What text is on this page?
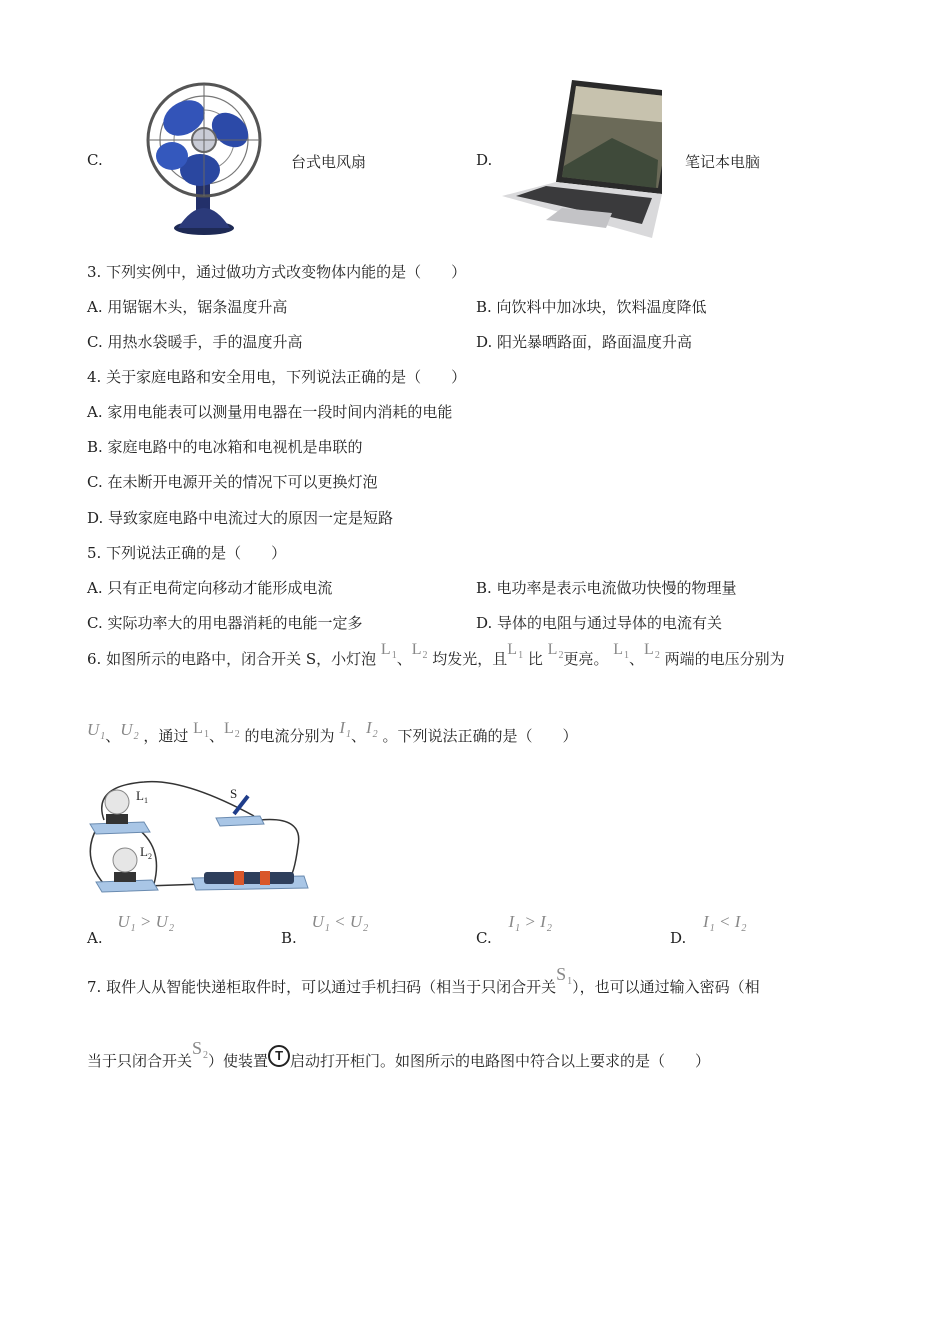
C.	台式电风扇	D.	笔记本电脑
3. 下列实例中，通过做功方式改变物体内能的是（　　）
A. 用锯锯木头，锯条温度升高	B. 向饮料中加冰块，饮料温度降低
C. 用热水袋暖手，手的温度升高	D. 阳光暴晒路面，路面温度升高
4. 关于家庭电路和安全用电，下列说法正确的是（　　）
A. 家用电能表可以测量用电器在一段时间内消耗的电能
B. 家庭电路中的电冰箱和电视机是串联的
C. 在未断开电源开关的情况下可以更换灯泡
D. 导致家庭电路中电流过大的原因一定是短路
5. 下列说法正确的是（　　）
A. 只有正电荷定向移动才能形成电流	B. 电功率是表示电流做功快慢的物理量
C. 实际功率大的用电器消耗的电能一定多	D. 导体的电阻与通过导体的电流有关
6. 如图所示的电路中，闭合开关 S，小灯泡 $L_1$、$L_2$ 均发光，且$L_1$ 比 $L_2$更亮。 $L_1$、$L_2$ 两端的电压分别为
$U_1$、$U_2$ ，通过 $L_1$、$L_2$ 的电流分别为 $I_1$、$I_2$ 。下列说法正确的是（　　）
$L_1$
$L_2$
S
A. $U_1 > U_2$
B. $U_1 < U_2$
C. $I_1 > I_2$
D. $I_1 < I_2$
7. 取件人从智能快递柜取件时，可以通过手机扫码（相当于只闭合开关$S_1$），也可以通过输入密码（相
当于只闭合开关$S_2$）使装置 T 启动打开柜门。如图所示的电路图中符合以上要求的是（　　）
